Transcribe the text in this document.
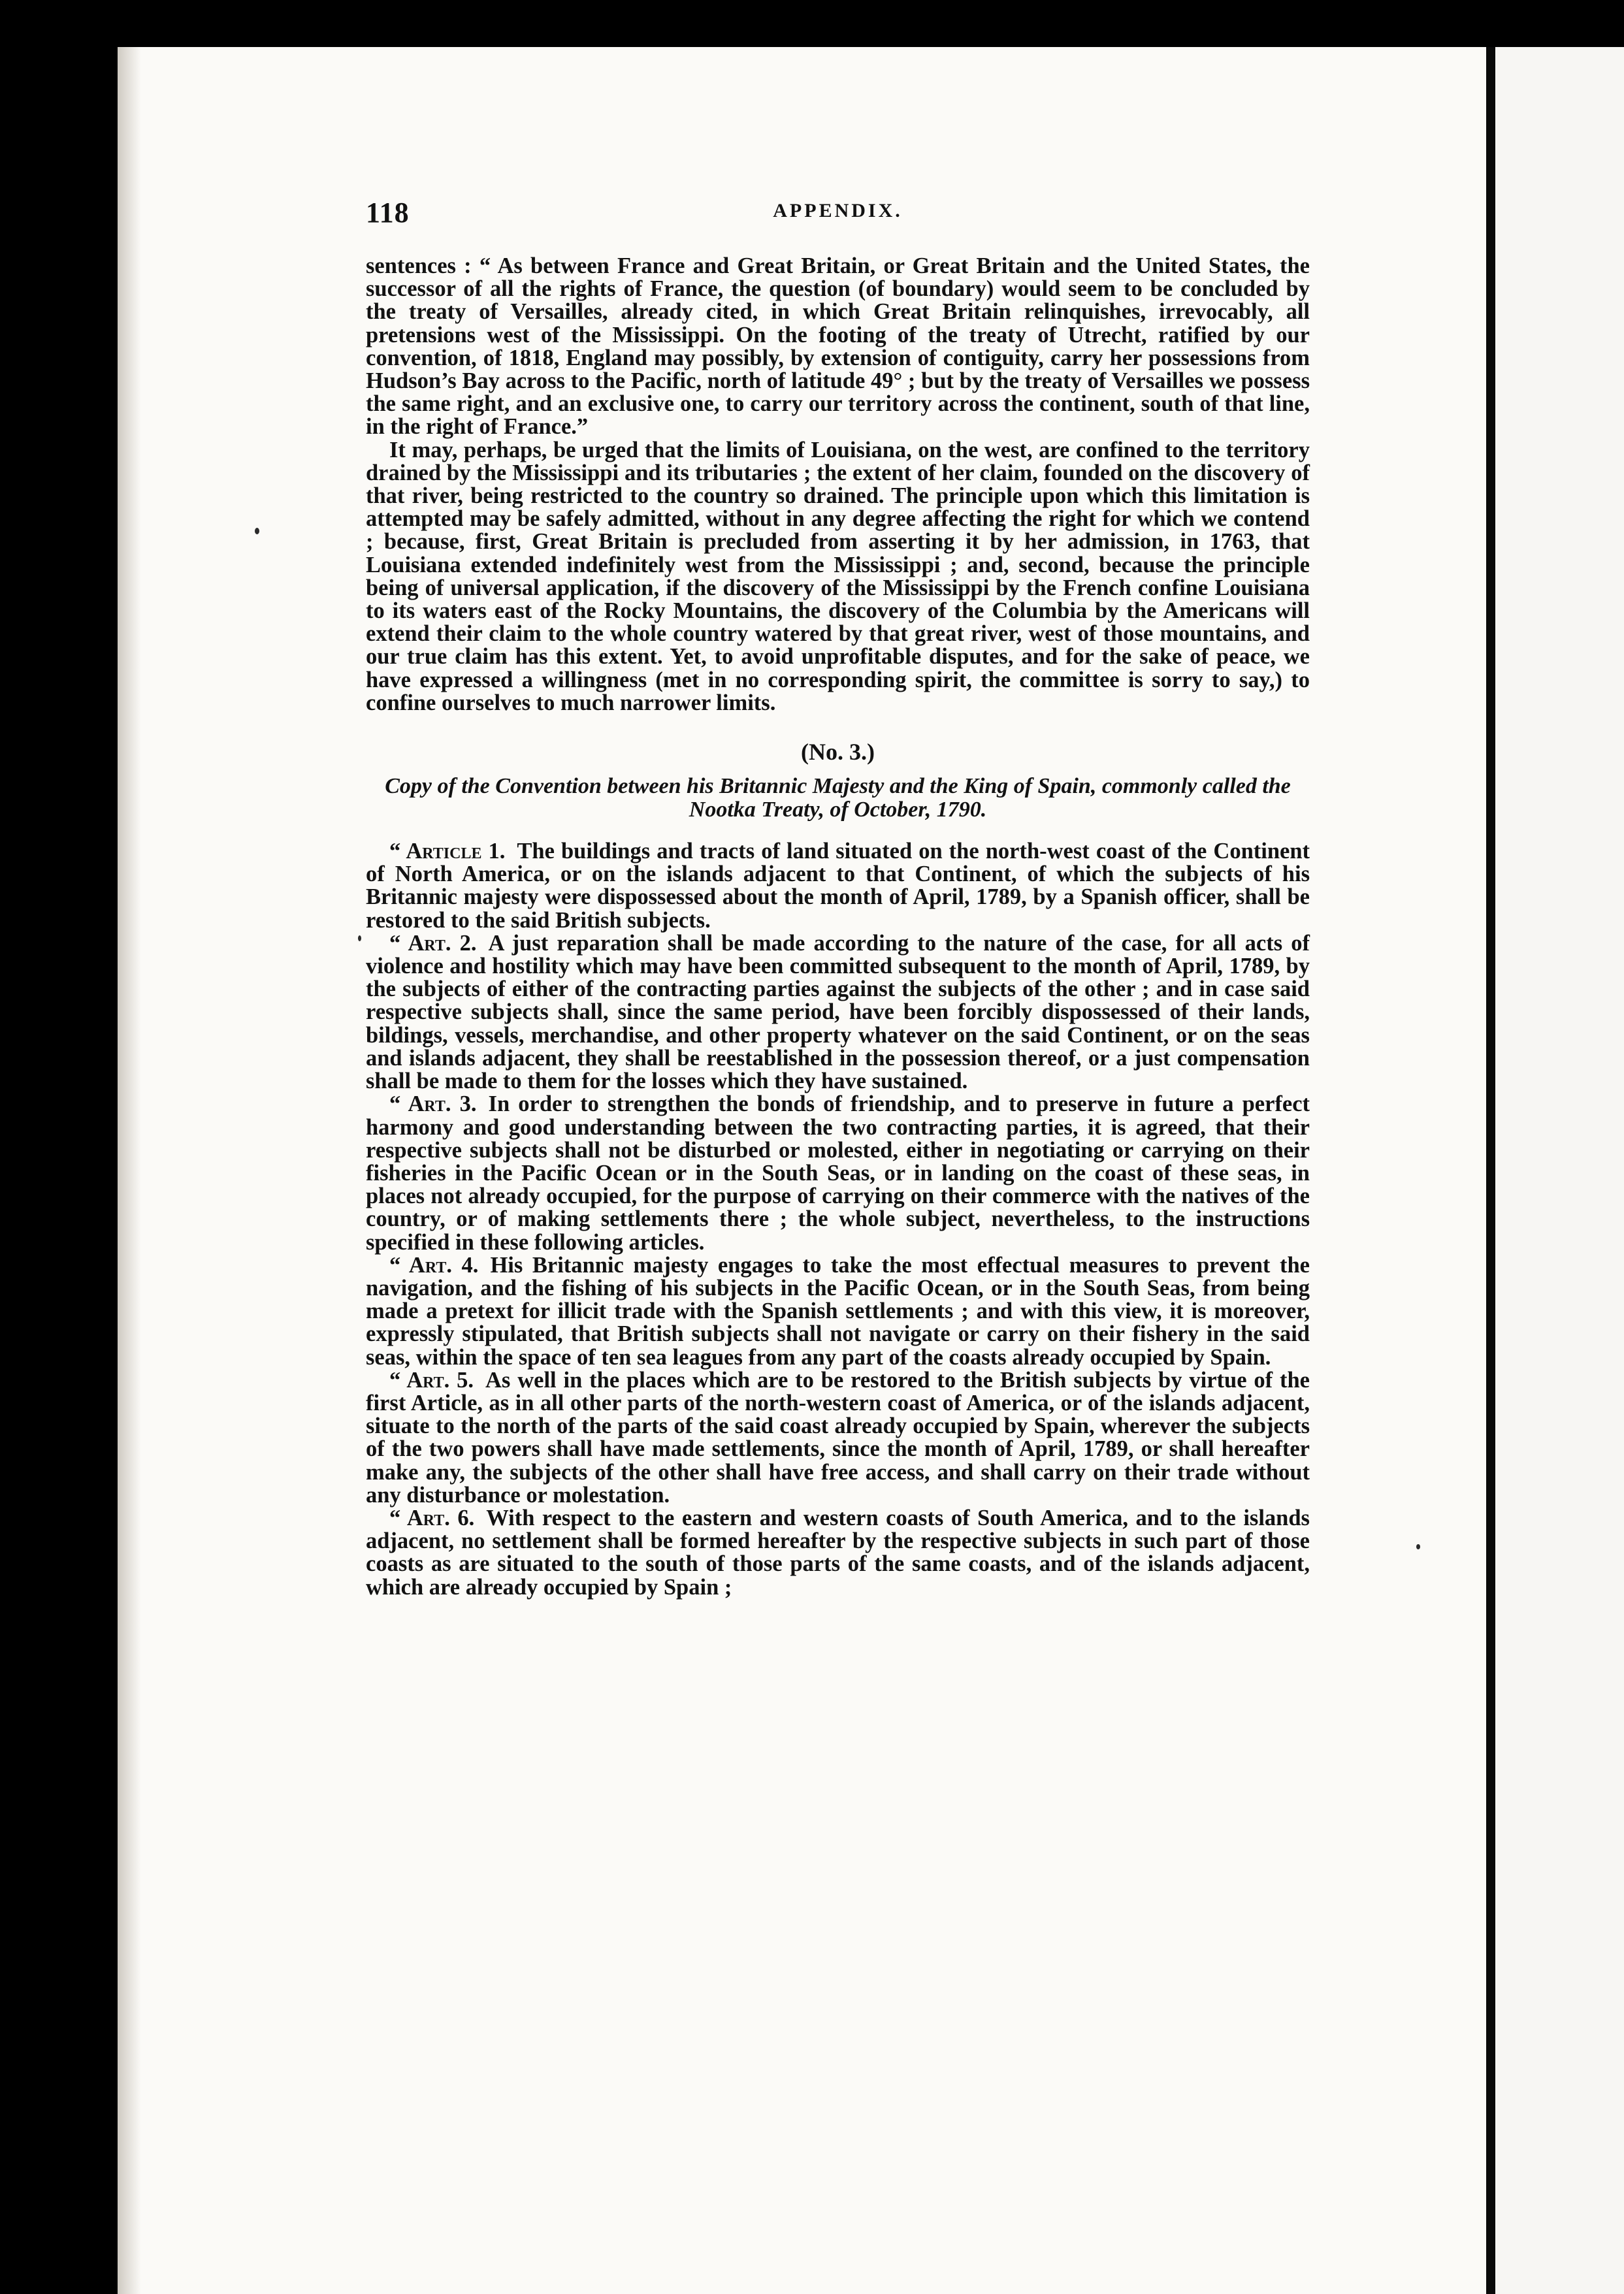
118	APPENDIX.

sentences : “ As between France and Great Britain, or Great Britain and the United States, the successor of all the rights of France, the question (of boundary) would seem to be concluded by the treaty of Versailles, already cited, in which Great Britain relinquishes, irrevocably, all pretensions west of the Mississippi. On the footing of the treaty of Utrecht, ratified by our convention, of 1818, England may possibly, by extension of contiguity, carry her possessions from Hudson’s Bay across to the Pacific, north of latitude 49° ; but by the treaty of Versailles we possess the same right, and an exclusive one, to carry our territory across the continent, south of that line, in the right of France.”

It may, perhaps, be urged that the limits of Louisiana, on the west, are confined to the territory drained by the Mississippi and its tributaries ; the extent of her claim, founded on the discovery of that river, being restricted to the country so drained. The principle upon which this limitation is attempted may be safely admitted, without in any degree affecting the right for which we contend ; because, first, Great Britain is precluded from asserting it by her admission, in 1763, that Louisiana extended indefinitely west from the Mississippi ; and, second, because the principle being of universal application, if the discovery of the Mississippi by the French confine Louisiana to its waters east of the Rocky Mountains, the discovery of the Columbia by the Americans will extend their claim to the whole country watered by that great river, west of those mountains, and our true claim has this extent. Yet, to avoid unprofitable disputes, and for the sake of peace, we have expressed a willingness (met in no corresponding spirit, the committee is sorry to say,) to confine ourselves to much narrower limits.

(No. 3.)
Copy of the Convention between his Britannic Majesty and the King of Spain, commonly called the Nootka Treaty, of October, 1790.

“ Article 1. The buildings and tracts of land situated on the north-west coast of the Continent of North America, or on the islands adjacent to that Continent, of which the subjects of his Britannic majesty were dispossessed about the month of April, 1789, by a Spanish officer, shall be restored to the said British subjects.

“ Art. 2. A just reparation shall be made according to the nature of the case, for all acts of violence and hostility which may have been committed subsequent to the month of April, 1789, by the subjects of either of the contracting parties against the subjects of the other ; and in case said respective subjects shall, since the same period, have been forcibly dispossessed of their lands, bildings, vessels, merchandise, and other property whatever on the said Continent, or on the seas and islands adjacent, they shall be reestablished in the possession thereof, or a just compensation shall be made to them for the losses which they have sustained.

“ Art. 3. In order to strengthen the bonds of friendship, and to preserve in future a perfect harmony and good understanding between the two contracting parties, it is agreed, that their respective subjects shall not be disturbed or molested, either in negotiating or carrying on their fisheries in the Pacific Ocean or in the South Seas, or in landing on the coast of these seas, in places not already occupied, for the purpose of carrying on their commerce with the natives of the country, or of making settlements there ; the whole subject, nevertheless, to the instructions specified in these following articles.

“ Art. 4. His Britannic majesty engages to take the most effectual measures to prevent the navigation, and the fishing of his subjects in the Pacific Ocean, or in the South Seas, from being made a pretext for illicit trade with the Spanish settlements ; and with this view, it is moreover, expressly stipulated, that British subjects shall not navigate or carry on their fishery in the said seas, within the space of ten sea leagues from any part of the coasts already occupied by Spain.

“ Art. 5. As well in the places which are to be restored to the British subjects by virtue of the first Article, as in all other parts of the north-western coast of America, or of the islands adjacent, situate to the north of the parts of the said coast already occupied by Spain, wherever the subjects of the two powers shall have made settlements, since the month of April, 1789, or shall hereafter make any, the subjects of the other shall have free access, and shall carry on their trade without any disturbance or molestation.

“ Art. 6. With respect to the eastern and western coasts of South America, and to the islands adjacent, no settlement shall be formed hereafter by the respective subjects in such part of those coasts as are situated to the south of those parts of the same coasts, and of the islands adjacent, which are already occupied by Spain ;
